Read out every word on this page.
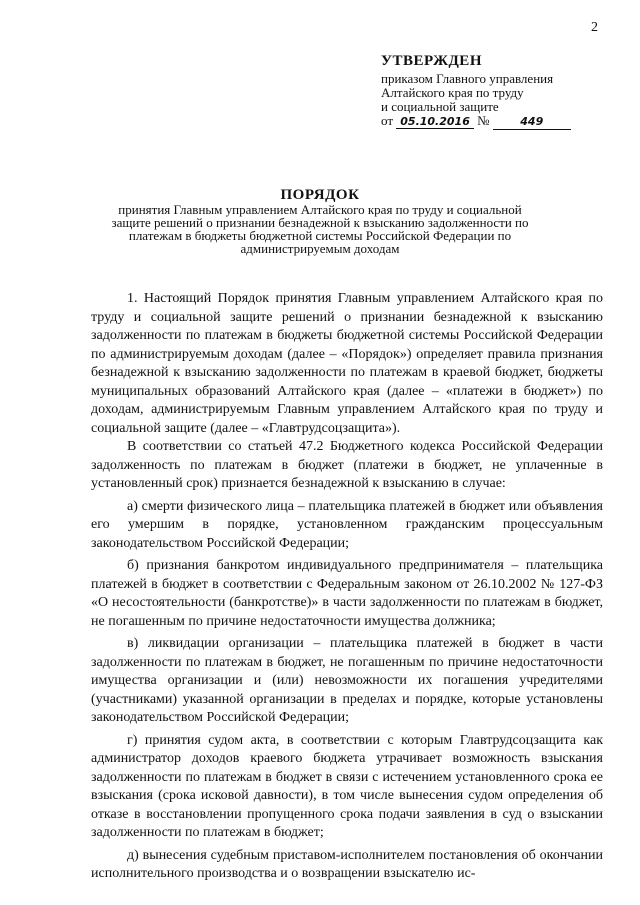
2
УТВЕРЖДЕН
приказом Главного управления
Алтайского края по труду
и социальной защите
от 05.10.2016 №	449
ПОРЯДОК
принятия Главным управлением Алтайского края по труду и социальной защите решений о признании безнадежной к взысканию задолженности по платежам в бюджеты бюджетной системы Российской Федерации по администрируемым доходам

1. Настоящий Порядок принятия Главным управлением Алтайского края по труду и социальной защите решений о признании безнадежной к взысканию задолженности по платежам в бюджеты бюджетной системы Российской Федерации по администрируемым доходам (далее – «Порядок») определяет правила признания безнадежной к взысканию задолженности по платежам в краевой бюджет, бюджеты муниципальных образований Алтайского края (далее – «платежи в бюджет») по доходам, администрируемым Главным управлением Алтайского края по труду и социальной защите (далее – «Главтрудсоцзащита»).

В соответствии со статьей 47.2 Бюджетного кодекса Российской Федерации задолженность по платежам в бюджет (платежи в бюджет, не уплаченные в установленный срок) признается безнадежной к взысканию в случае:

а) смерти физического лица – плательщика платежей в бюджет или объявления его умершим в порядке, установленном гражданским процессуальным законодательством Российской Федерации;

б) признания банкротом индивидуального предпринимателя – плательщика платежей в бюджет в соответствии с Федеральным законом от 26.10.2002 № 127-ФЗ «О несостоятельности (банкротстве)» в части задолженности по платежам в бюджет, не погашенным по причине недостаточности имущества должника;

в) ликвидации организации – плательщика платежей в бюджет в части задолженности по платежам в бюджет, не погашенным по причине недостаточности имущества организации и (или) невозможности их погашения учредителями (участниками) указанной организации в пределах и порядке, которые установлены законодательством Российской Федерации;

г) принятия судом акта, в соответствии с которым Главтрудсоцзащита как администратор доходов краевого бюджета утрачивает возможность взыскания задолженности по платежам в бюджет в связи с истечением установленного срока ее взыскания (срока исковой давности), в том числе вынесения судом определения об отказе в восстановлении пропущенного срока подачи заявления в суд о взыскании задолженности по платежам в бюджет;

д) вынесения судебным приставом-исполнителем постановления об окончании исполнительного производства и о возвращении взыскателю ис-
